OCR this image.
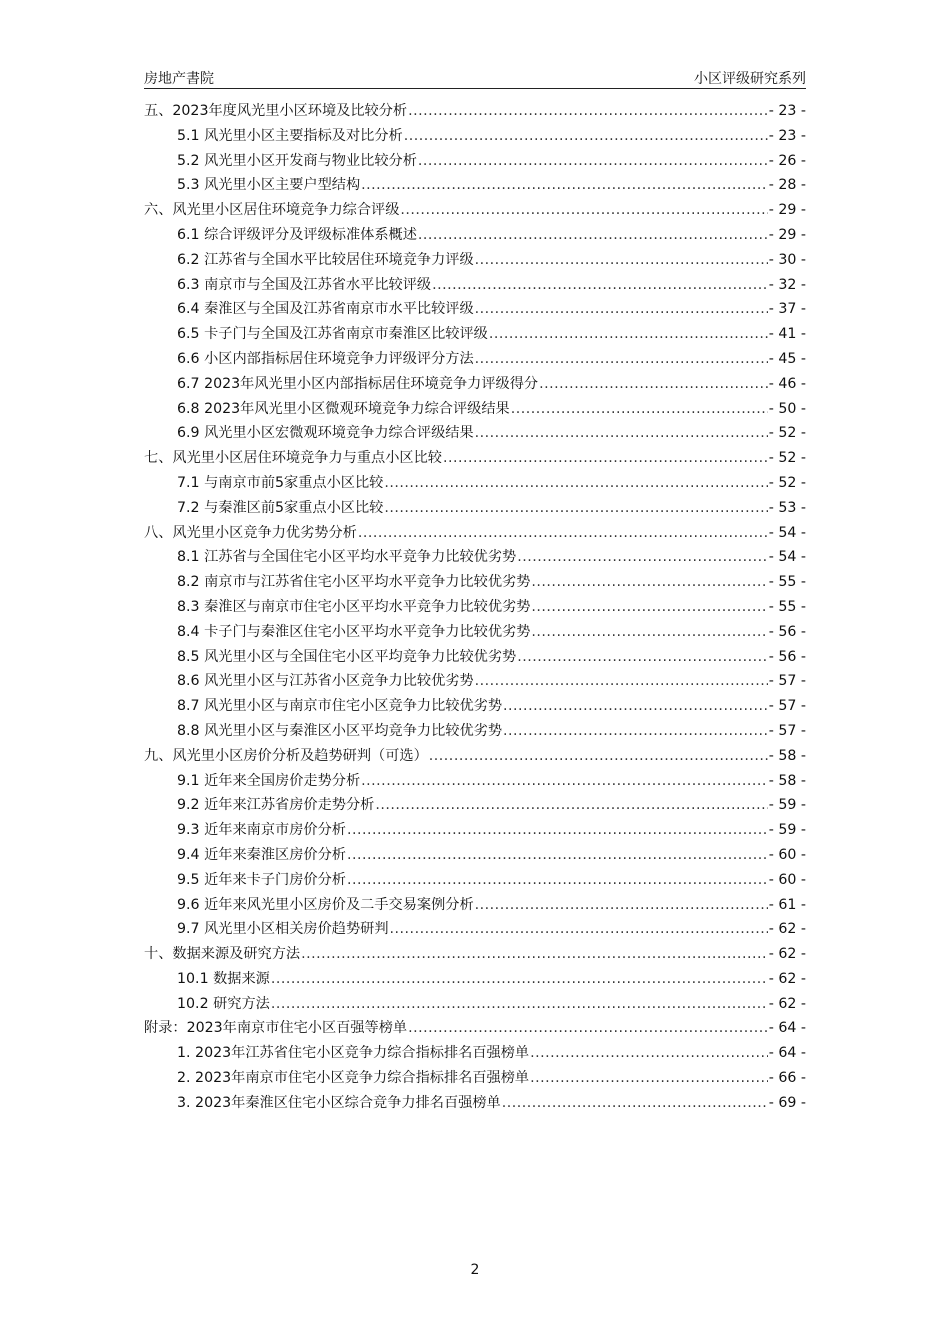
房地产書院	小区评级研究系列
五、2023年度风光里小区环境及比较分析 .....	- 23 -
5.1 风光里小区主要指标及对比分析 .....	- 23 -
5.2 风光里小区开发商与物业比较分析 .....	- 26 -
5.3 风光里小区主要户型结构 .....	- 28 -
六、风光里小区居住环境竞争力综合评级 .....	- 29 -
6.1 综合评级评分及评级标准体系概述 .....	- 29 -
6.2 江苏省与全国水平比较居住环境竞争力评级 .....	- 30 -
6.3 南京市与全国及江苏省水平比较评级 .....	- 32 -
6.4 秦淮区与全国及江苏省南京市水平比较评级 .....	- 37 -
6.5 卡子门与全国及江苏省南京市秦淮区比较评级 .....	- 41 -
6.6 小区内部指标居住环境竞争力评级评分方法 .....	- 45 -
6.7 2023年风光里小区内部指标居住环境竞争力评级得分 .....	- 46 -
6.8 2023年风光里小区微观环境竞争力综合评级结果 .....	- 50 -
6.9 风光里小区宏微观环境竞争力综合评级结果 .....	- 52 -
七、风光里小区居住环境竞争力与重点小区比较 .....	- 52 -
7.1 与南京市前5家重点小区比较 .....	- 52 -
7.2 与秦淮区前5家重点小区比较 .....	- 53 -
八、风光里小区竞争力优劣势分析 .....	- 54 -
8.1 江苏省与全国住宅小区平均水平竞争力比较优劣势 .....	- 54 -
8.2 南京市与江苏省住宅小区平均水平竞争力比较优劣势 .....	- 55 -
8.3 秦淮区与南京市住宅小区平均水平竞争力比较优劣势 .....	- 55 -
8.4 卡子门与秦淮区住宅小区平均水平竞争力比较优劣势 .....	- 56 -
8.5 风光里小区与全国住宅小区平均竞争力比较优劣势 .....	- 56 -
8.6 风光里小区与江苏省小区竞争力比较优劣势 .....	- 57 -
8.7 风光里小区与南京市住宅小区竞争力比较优劣势 .....	- 57 -
8.8 风光里小区与秦淮区小区平均竞争力比较优劣势 .....	- 57 -
九、风光里小区房价分析及趋势研判（可选） .....	- 58 -
9.1 近年来全国房价走势分析 .....	- 58 -
9.2 近年来江苏省房价走势分析 .....	- 59 -
9.3 近年来南京市房价分析 .....	- 59 -
9.4 近年来秦淮区房价分析 .....	- 60 -
9.5 近年来卡子门房价分析 .....	- 60 -
9.6 近年来风光里小区房价及二手交易案例分析 .....	- 61 -
9.7 风光里小区相关房价趋势研判 .....	- 62 -
十、数据来源及研究方法 .....	- 62 -
10.1 数据来源 .....	- 62 -
10.2 研究方法 .....	- 62 -
附录：2023年南京市住宅小区百强等榜单 .....	- 64 -
1. 2023年江苏省住宅小区竞争力综合指标排名百强榜单 .....	- 64 -
2. 2023年南京市住宅小区竞争力综合指标排名百强榜单 .....	- 66 -
3. 2023年秦淮区住宅小区综合竞争力排名百强榜单 .....	- 69 -
2
